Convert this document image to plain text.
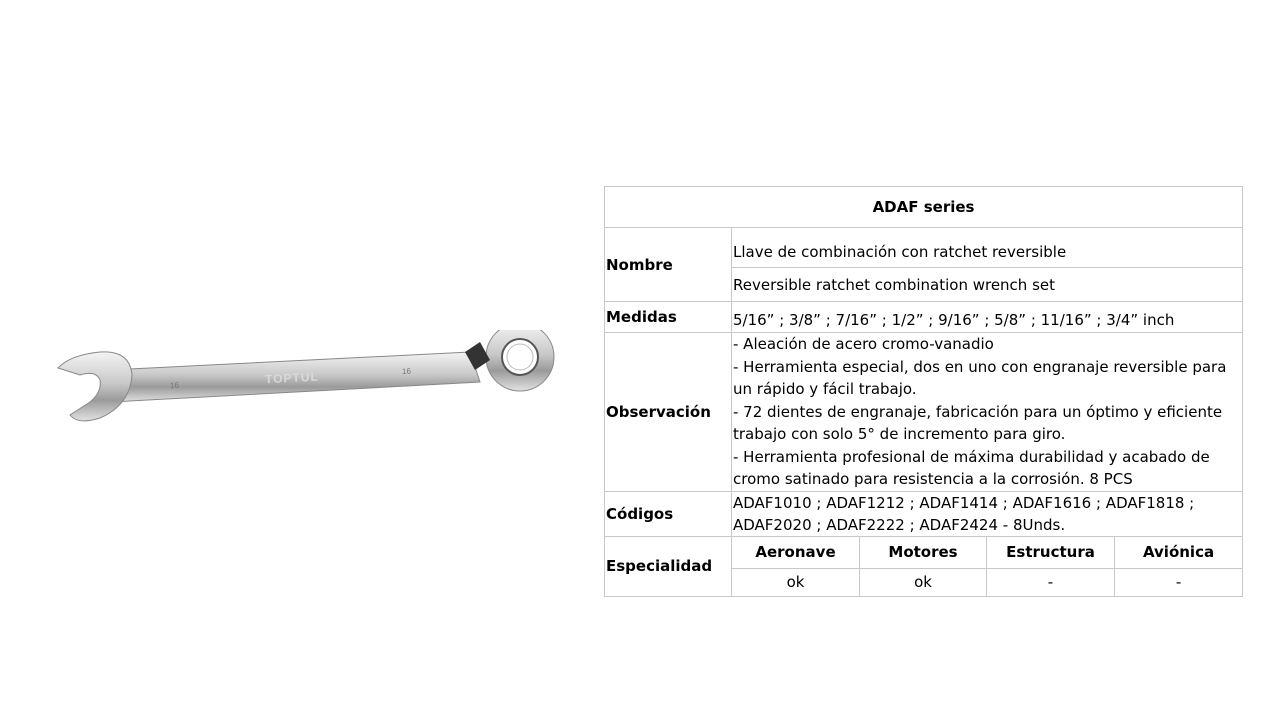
TOPTUL
16
16
ADAF series				
Nombre	Llave de combinación con ratchet reversible			
	Reversible ratchet combination wrench set			
Medidas	5/16” ; 3/8” ; 7/16” ; 1/2” ; 9/16” ; 5/8” ; 11/16” ; 3/4” inch			
Observación	- Aleación de acero cromo-vanadio
- Herramienta especial, dos en uno con engranaje reversible para un rápido y fácil trabajo.
- 72 dientes de engranaje, fabricación para un óptimo y eficiente trabajo con solo 5° de incremento para giro.
- Herramienta profesional de máxima durabilidad y acabado de cromo satinado para resistencia a la corrosión. 8 PCS			

Códigos	ADAF1010 ; ADAF1212 ; ADAF1414 ; ADAF1616 ; ADAF1818 ; ADAF2020 ; ADAF2222 ; ADAF2424 - 8Unds.			
Especialidad	Aeronave	Motores	Estructura	Aviónica
	ok	ok	-	-
